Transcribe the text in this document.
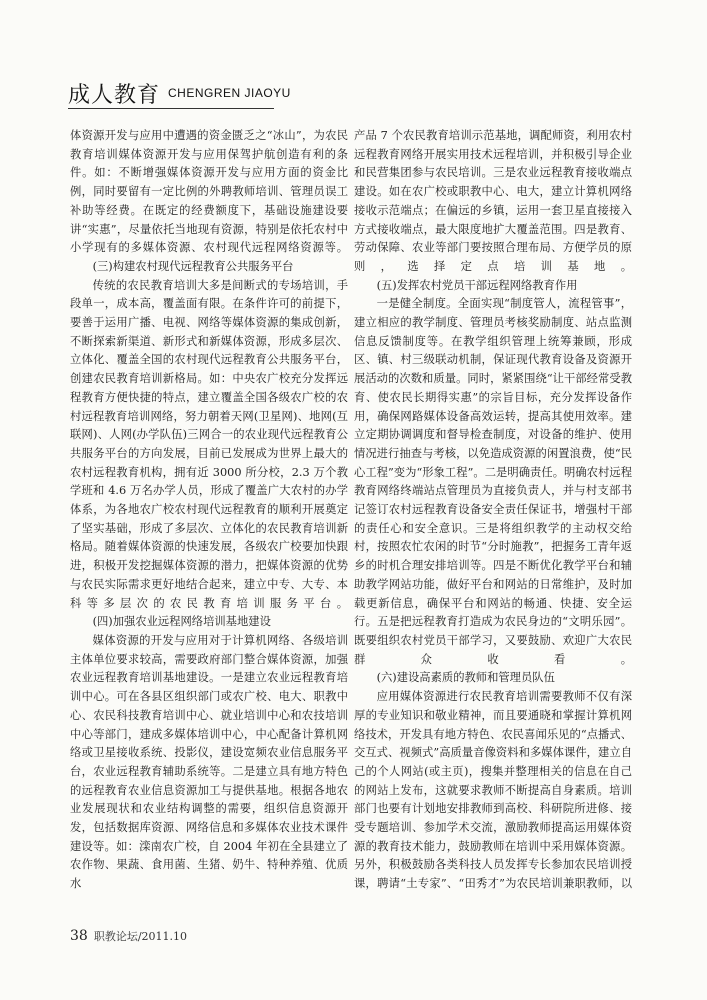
成人教育 CHENGREN JIAOYU

体资源开发与应用中遭遇的资金匮乏之“冰山”，为农民教育培训媒体资源开发与应用保驾护航创造有利的条件。如：不断增强媒体资源开发与应用方面的资金比例，同时要留有一定比例的外聘教师培训、管理员误工补助等经费。在既定的经费额度下，基础设施建设要讲“实惠”，尽量依托当地现有资源，特别是依托农村中小学现有的多媒体资源、农村现代远程网络资源等。

(三)构建农村现代远程教育公共服务平台

传统的农民教育培训大多是间断式的专场培训，手段单一，成本高，覆盖面有限。在条件许可的前提下，要善于运用广播、电视、网络等媒体资源的集成创新，不断探索新渠道、新形式和新媒体资源，形成多层次、立体化、覆盖全国的农村现代远程教育公共服务平台，创建农民教育培训新格局。如：中央农广校充分发挥远程教育方便快捷的特点，建立覆盖全国各级农广校的农村远程教育培训网络，努力朝着天网(卫星网)、地网(互联网)、人网(办学队伍)三网合一的农业现代远程教育公共服务平台的方向发展，目前已发展成为世界上最大的农村远程教育机构，拥有近 3000 所分校，2.3 万个教学班和 4.6 万名办学人员，形成了覆盖广大农村的办学体系，为各地农广校农村现代远程教育的顺利开展奠定了坚实基础，形成了多层次、立体化的农民教育培训新格局。随着媒体资源的快速发展，各级农广校要加快跟进，积极开发挖掘媒体资源的潜力，把媒体资源的优势与农民实际需求更好地结合起来，建立中专、大专、本科等多层次的农民教育培训服务平台。

(四)加强农业远程网络培训基地建设

媒体资源的开发与应用对于计算机网络、各级培训主体单位要求较高，需要政府部门整合媒体资源，加强农业远程教育培训基地建设。一是建立农业远程教育培训中心。可在各县区组织部门或农广校、电大、职教中心、农民科技教育培训中心、就业培训中心和农技培训中心等部门，建成多媒体培训中心，中心配备计算机网络或卫星接收系统、投影仪，建设宽频农业信息服务平台，农业远程教育辅助系统等。二是建立具有地方特色的远程教育农业信息资源加工与提供基地。根据各地农业发展现状和农业结构调整的需要，组织信息资源开发，包括数据库资源、网络信息和多媒体农业技术课件建设等。如：滦南农广校，自 2004 年初在全县建立了农作物、果蔬、食用菌、生猪、奶牛、特种养殖、优质水

产品 7 个农民教育培训示范基地，调配师资，利用农村远程教育网络开展实用技术远程培训，并积极引导企业和民营集团参与农民培训。三是农业远程教育接收端点建设。如在农广校或职教中心、电大，建立计算机网络接收示范端点；在偏远的乡镇，运用一套卫星直接接入方式接收端点，最大限度地扩大覆盖范围。四是教育、劳动保障、农业等部门要按照合理布局、方便学员的原则，选择定点培训基地。

(五)发挥农村党员干部远程网络教育作用

一是健全制度。全面实现“制度管人，流程管事”，建立相应的教学制度、管理员考核奖励制度、站点监测信息反馈制度等。在教学组织管理上统筹兼顾，形成区、镇、村三级联动机制，保证现代教育设备及资源开展活动的次数和质量。同时，紧紧围绕“让干部经常受教育、使农民长期得实惠”的宗旨目标，充分发挥设备作用，确保网路媒体设备高效运转，提高其使用效率。建立定期协调调度和督导检查制度，对设备的维护、使用情况进行抽查与考核，以免造成资源的闲置浪费，使“民心工程”变为“形象工程”。二是明确责任。明确农村远程教育网络终端站点管理员为直接负责人，并与村支部书记签订农村远程教育设备安全责任保证书，增强村干部的责任心和安全意识。三是将组织教学的主动权交给村，按照农忙农闲的时节“分时施教”，把握务工青年返乡的时机合理安排培训等。四是不断优化教学平台和辅助教学网站功能，做好平台和网站的日常维护，及时加载更新信息，确保平台和网站的畅通、快捷、安全运行。五是把远程教育打造成为农民身边的“文明乐园”。既要组织农村党员干部学习，又要鼓励、欢迎广大农民群众收看。

(六)建设高素质的教师和管理员队伍

应用媒体资源进行农民教育培训需要教师不仅有深厚的专业知识和敬业精神，而且要通晓和掌握计算机网络技术，开发具有地方特色、农民喜闻乐见的“点播式、交互式、视频式”高质量音像资料和多媒体课件，建立自己的个人网站(或主页)，搜集并整理相关的信息在自己的网站上发布，这就要求教师不断提高自身素质。培训部门也要有计划地安排教师到高校、科研院所进修、接受专题培训、参加学术交流，激励教师提高运用媒体资源的教育技术能力，鼓励教师在培训中采用媒体资源。另外，积极鼓励各类科技人员发挥专长参加农民培训授课，聘请“土专家”、“田秀才”为农民培训兼职教师，以

38 职教论坛/2011.10
